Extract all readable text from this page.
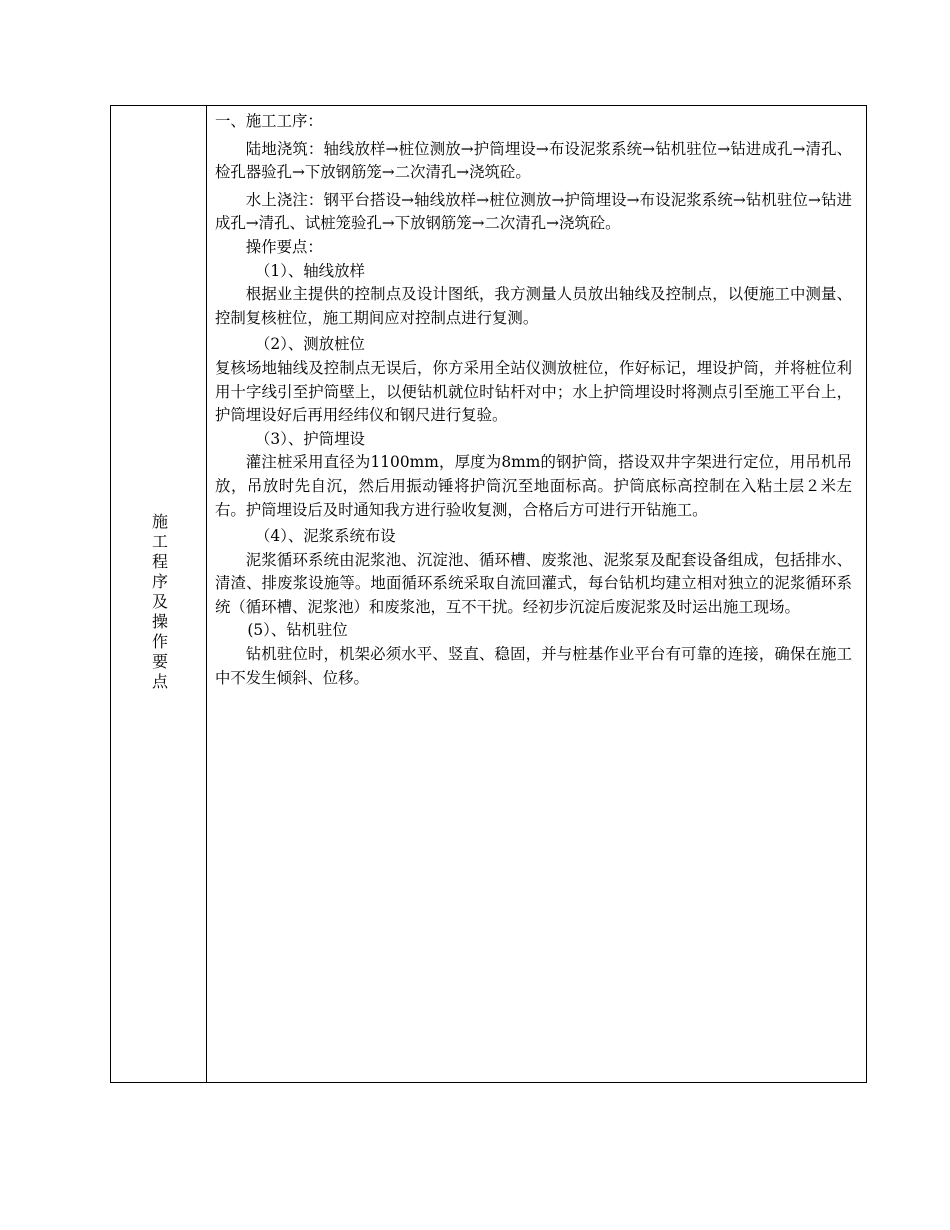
施工程序及操作要点

一、施工工序：

陆地浇筑：轴线放样→桩位测放→护筒埋设→布设泥浆系统→钻机驻位→钻进成孔→清孔、检孔器验孔→下放钢筋笼→二次清孔→浇筑砼。

水上浇注：钢平台搭设→轴线放样→桩位测放→护筒埋设→布设泥浆系统→钻机驻位→钻进成孔→清孔、试桩笼验孔→下放钢筋笼→二次清孔→浇筑砼。

操作要点：

（1）、轴线放样

根据业主提供的控制点及设计图纸，我方测量人员放出轴线及控制点，以便施工中测量、控制复核桩位，施工期间应对控制点进行复测。

（2）、测放桩位

复核场地轴线及控制点无误后，你方采用全站仪测放桩位，作好标记，埋设护筒，并将桩位利用十字线引至护筒壁上，以便钻机就位时钻杆对中；水上护筒埋设时将测点引至施工平台上，护筒埋设好后再用经纬仪和钢尺进行复验。

（3）、护筒埋设

灌注桩采用直径为1100mm，厚度为8mm的钢护筒，搭设双井字架进行定位，用吊机吊放，吊放时先自沉，然后用振动锤将护筒沉至地面标高。护筒底标高控制在入粘土层２米左右。护筒埋设后及时通知我方进行验收复测，合格后方可进行开钻施工。

（4）、泥浆系统布设

泥浆循环系统由泥浆池、沉淀池、循环槽、废浆池、泥浆泵及配套设备组成，包括排水、清渣、排废浆设施等。地面循环系统采取自流回灌式，每台钻机均建立相对独立的泥浆循环系统（循环槽、泥浆池）和废浆池，互不干扰。经初步沉淀后废泥浆及时运出施工现场。

(5）、钻机驻位

钻机驻位时，机架必须水平、竖直、稳固，并与桩基作业平台有可靠的连接，确保在施工中不发生倾斜、位移。
